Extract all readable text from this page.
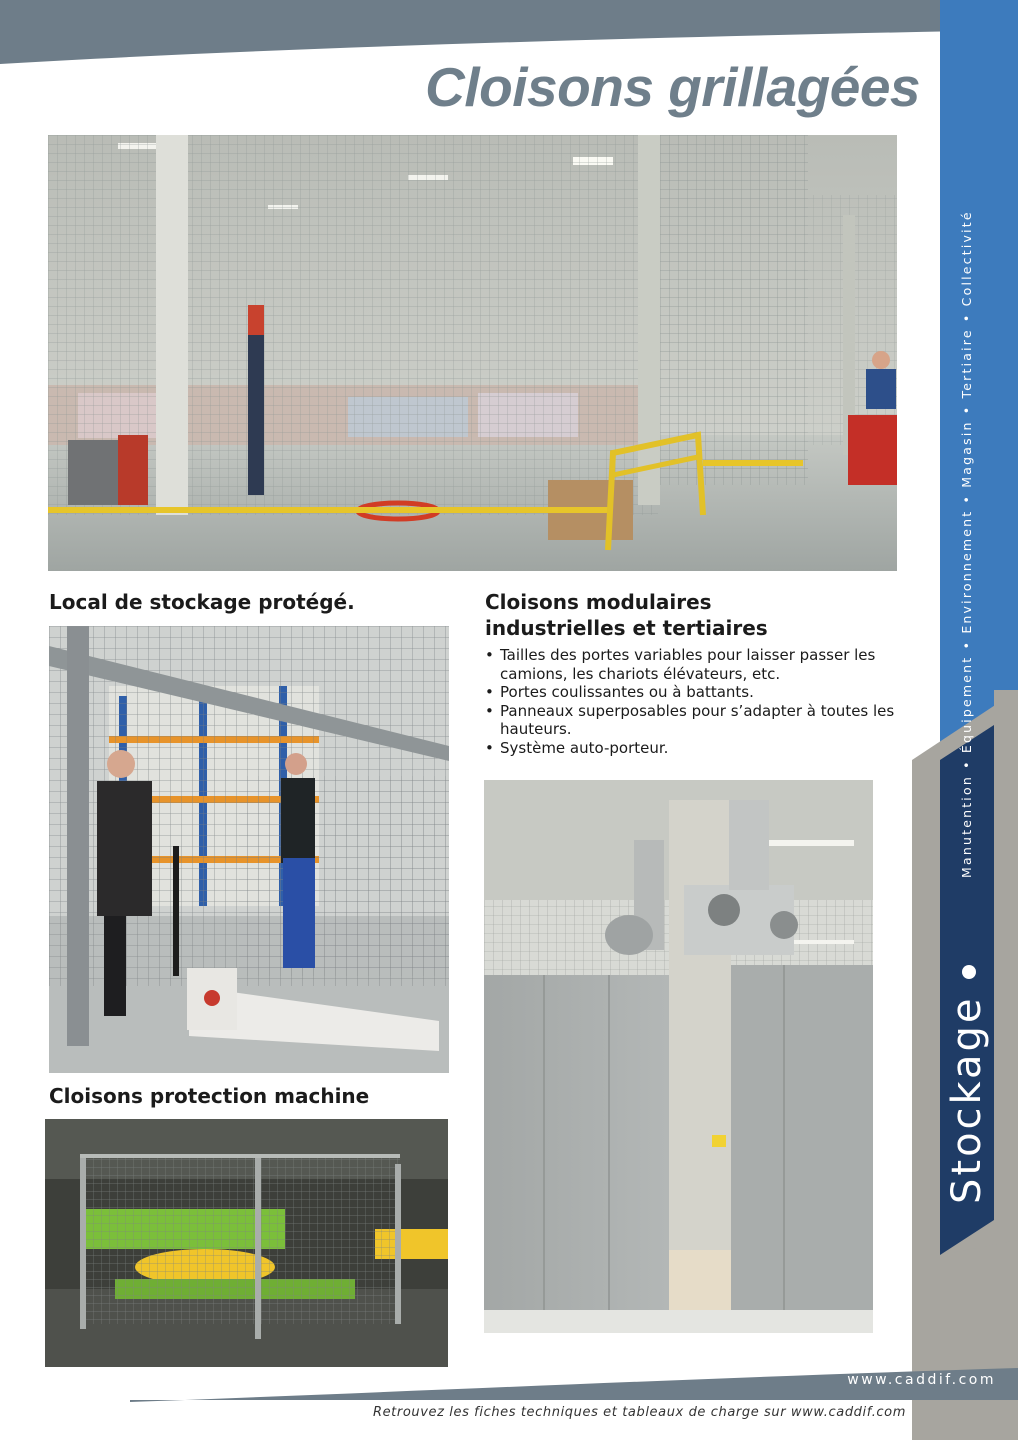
Cloisons grillagées
Manutention • Équipement • Environnement • Magasin • Tertiaire • Collectivité
Stockage
Local de stockage protégé.	Cloisons modulaires
industrielles et tertiaires
• Tailles des portes variables pour laisser passer les camions, les chariots élévateurs, etc.
• Portes coulissantes ou à battants.
• Panneaux superposables pour s’adapter à toutes les hauteurs.
• Système auto-porteur.
Cloisons protection machine
www.caddif.com
Retrouvez les fiches techniques et tableaux de charge sur www.caddif.com
